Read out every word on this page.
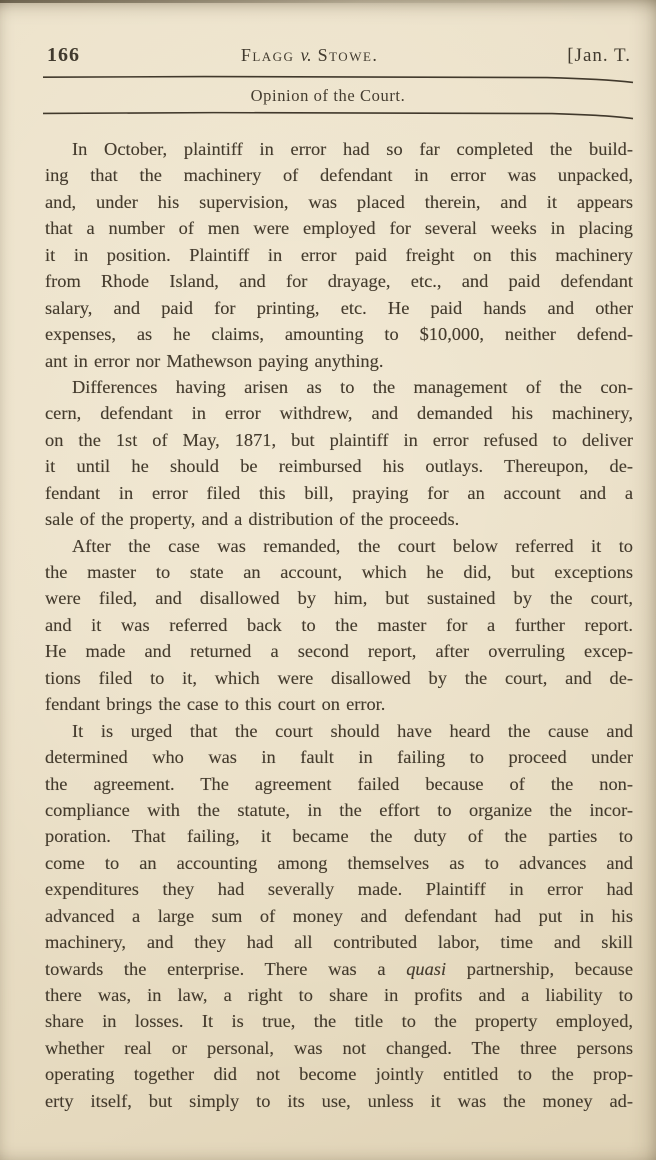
166	Flagg v. Stowe.	[Jan. T.
Opinion of the Court.
In October, plaintiff in error had so far completed the build-
ing that the machinery of defendant in error was unpacked,
and, under his supervision, was placed therein, and it appears
that a number of men were employed for several weeks in placing
it in position. Plaintiff in error paid freight on this machinery
from Rhode Island, and for drayage, etc., and paid defendant
salary, and paid for printing, etc. He paid hands and other
expenses, as he claims, amounting to $10,000, neither defend-
ant in error nor Mathewson paying anything.
Differences having arisen as to the management of the con-
cern, defendant in error withdrew, and demanded his machinery,
on the 1st of May, 1871, but plaintiff in error refused to deliver
it until he should be reimbursed his outlays. Thereupon, de-
fendant in error filed this bill, praying for an account and a
sale of the property, and a distribution of the proceeds.
After the case was remanded, the court below referred it to
the master to state an account, which he did, but exceptions
were filed, and disallowed by him, but sustained by the court,
and it was referred back to the master for a further report.
He made and returned a second report, after overruling excep-
tions filed to it, which were disallowed by the court, and de-
fendant brings the case to this court on error.
It is urged that the court should have heard the cause and
determined who was in fault in failing to proceed under
the agreement. The agreement failed because of the non-
compliance with the statute, in the effort to organize the incor-
poration. That failing, it became the duty of the parties to
come to an accounting among themselves as to advances and
expenditures they had severally made. Plaintiff in error had
advanced a large sum of money and defendant had put in his
machinery, and they had all contributed labor, time and skill
towards the enterprise. There was a quasi partnership, because
there was, in law, a right to share in profits and a liability to
share in losses. It is true, the title to the property employed,
whether real or personal, was not changed. The three persons
operating together did not become jointly entitled to the prop-
erty itself, but simply to its use, unless it was the money ad-
